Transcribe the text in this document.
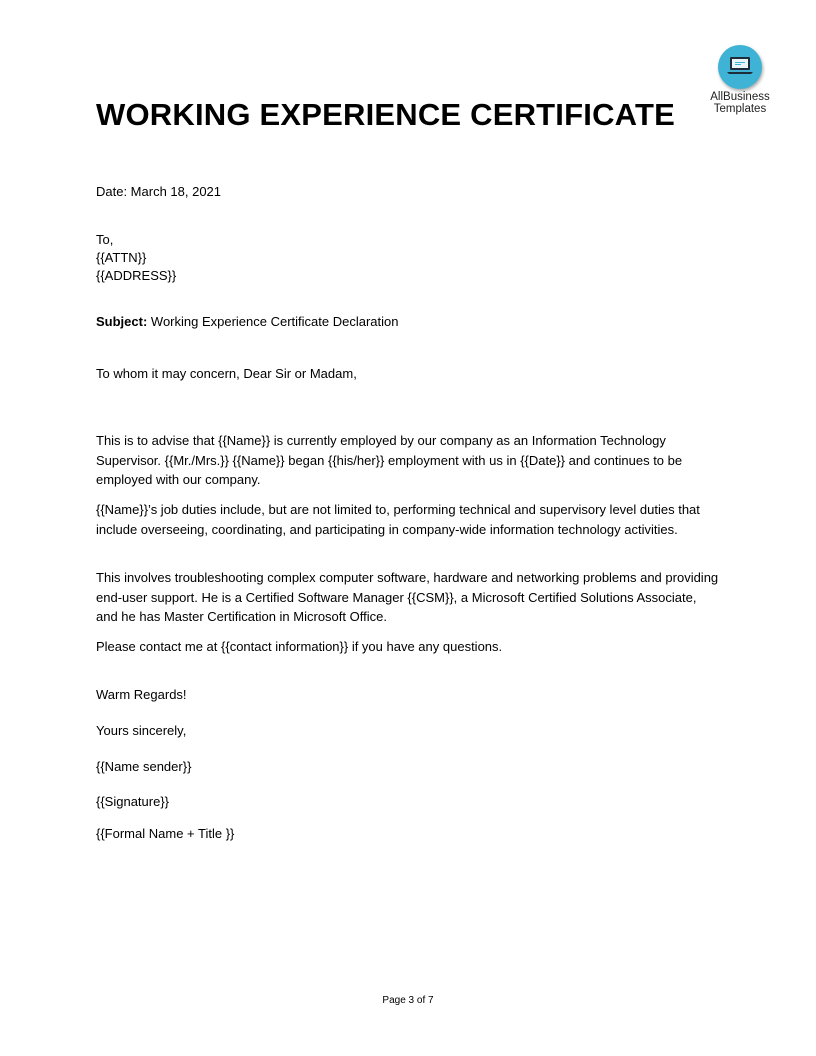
AllBusiness
Templates
WORKING EXPERIENCE CERTIFICATE
Date: March 18, 2021
To,
{{ATTN}}
{{ADDRESS}}
Subject: Working Experience Certificate Declaration
To whom it may concern, Dear Sir or Madam,
This is to advise that {{Name}} is currently employed by our company as an Information Technology Supervisor. {{Mr./Mrs.}} {{Name}} began {{his/her}} employment with us in {{Date}} and continues to be employed with our company.
{{Name}}’s job duties include, but are not limited to, performing technical and supervisory level duties that include overseeing, coordinating, and participating in company-wide information technology activities.
This involves troubleshooting complex computer software, hardware and networking problems and providing end-user support. He is a Certified Software Manager {{CSM}}, a Microsoft Certified Solutions Associate, and he has Master Certification in Microsoft Office.
Please contact me at {{contact information}} if you have any questions.
Warm Regards!
Yours sincerely,
{{Name sender}}
{{Signature}}
{{Formal Name + Title }}
Page 3 of 7
